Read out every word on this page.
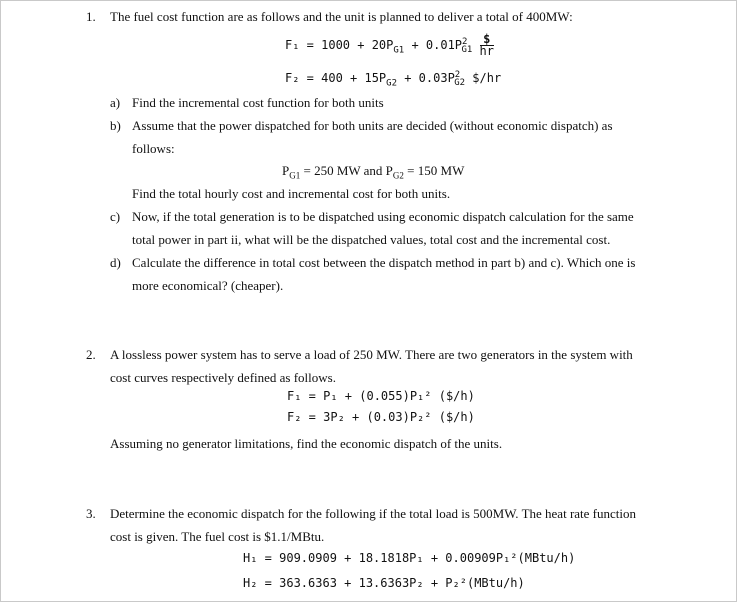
1. The fuel cost function are as follows and the unit is planned to deliver a total of 400MW:
$F_1 = 1000 + 20P_{G1} + 0.01P^2_{G1} \frac{\$}{hr}$
$F_2 = 400 + 15P_{G2} + 0.03P^2_{G2}$ $/hr
a) Find the incremental cost function for both units
b) Assume that the power dispatched for both units are decided (without economic dispatch) as
follows:
$P_{G1} = 250$ MW and $P_{G2} = 150$ MW
Find the total hourly cost and incremental cost for both units.
c) Now, if the total generation is to be dispatched using economic dispatch calculation for the same
total power in part ii, what will be the dispatched values, total cost and the incremental cost.
d) Calculate the difference in total cost between the dispatch method in part b) and c). Which one is
more economical? (cheaper).
2. A lossless power system has to serve a load of 250 MW. There are two generators in the system with
cost curves respectively defined as follows.
F₁ = P₁ + (0.055)P₁² ($/h)
F₂ = 3P₂ + (0.03)P₂² ($/h)
Assuming no generator limitations, find the economic dispatch of the units.
3. Determine the economic dispatch for the following if the total load is 500MW. The heat rate function
cost is given. The fuel cost is $1.1/MBtu.
H₁ = 909.0909 + 18.1818P₁ + 0.00909P₁²(MBtu/h)
H₂ = 363.6363 + 13.6363P₂ + P₂²(MBtu/h)
